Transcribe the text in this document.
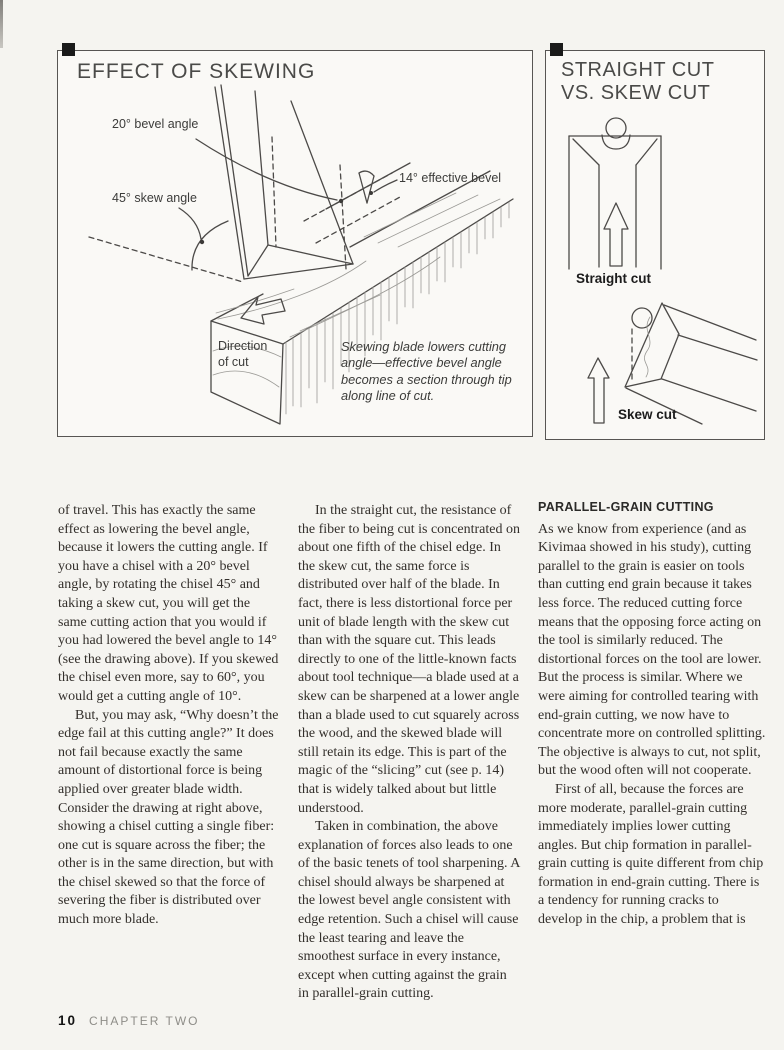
EFFECT OF SKEWING
20° bevel angle
45° skew angle
14° effective bevel
Direction
of cut
Skewing blade lowers cutting angle—effective bevel angle becomes a section through tip along line of cut.
STRAIGHT CUT
VS. SKEW CUT
Straight cut
Skew cut

of travel. This has exactly the same effect as lowering the bevel angle, because it lowers the cutting angle. If you have a chisel with a 20° bevel angle, by rotating the chisel 45° and taking a skew cut, you will get the same cutting action that you would if you had lowered the bevel angle to 14° (see the drawing above). If you skewed the chisel even more, say to 60°, you would get a cutting angle of 10°.

But, you may ask, “Why doesn’t the edge fail at this cutting angle?” It does not fail because exactly the same amount of distortional force is being applied over greater blade width. Consider the drawing at right above, showing a chisel cutting a single fiber: one cut is square across the fiber; the other is in the same direction, but with the chisel skewed so that the force of severing the fiber is distributed over much more blade.

In the straight cut, the resistance of the fiber to being cut is concentrated on about one fifth of the chisel edge. In the skew cut, the same force is distributed over half of the blade. In fact, there is less distortional force per unit of blade length with the skew cut than with the square cut. This leads directly to one of the little-known facts about tool technique—a blade used at a skew can be sharpened at a lower angle than a blade used to cut squarely across the wood, and the skewed blade will still retain its edge. This is part of the magic of the “slicing” cut (see p. 14) that is widely talked about but little understood.

Taken in combination, the above explanation of forces also leads to one of the basic tenets of tool sharpening. A chisel should always be sharpened at the lowest bevel angle consistent with edge retention. Such a chisel will cause the least tearing and leave the smoothest surface in every instance, except when cutting against the grain in parallel-grain cutting.

PARALLEL-GRAIN CUTTING

As we know from experience (and as Kivimaa showed in his study), cutting parallel to the grain is easier on tools than cutting end grain because it takes less force. The reduced cutting force means that the opposing force acting on the tool is similarly reduced. The distortional forces on the tool are lower. But the process is similar. Where we were aiming for controlled tearing with end-grain cutting, we now have to concentrate more on controlled splitting. The objective is always to cut, not split, but the wood often will not cooperate.

First of all, because the forces are more moderate, parallel-grain cutting immediately implies lower cutting angles. But chip formation in parallel-grain cutting is quite different from chip formation in end-grain cutting. There is a tendency for running cracks to develop in the chip, a problem that is

10 CHAPTER TWO
